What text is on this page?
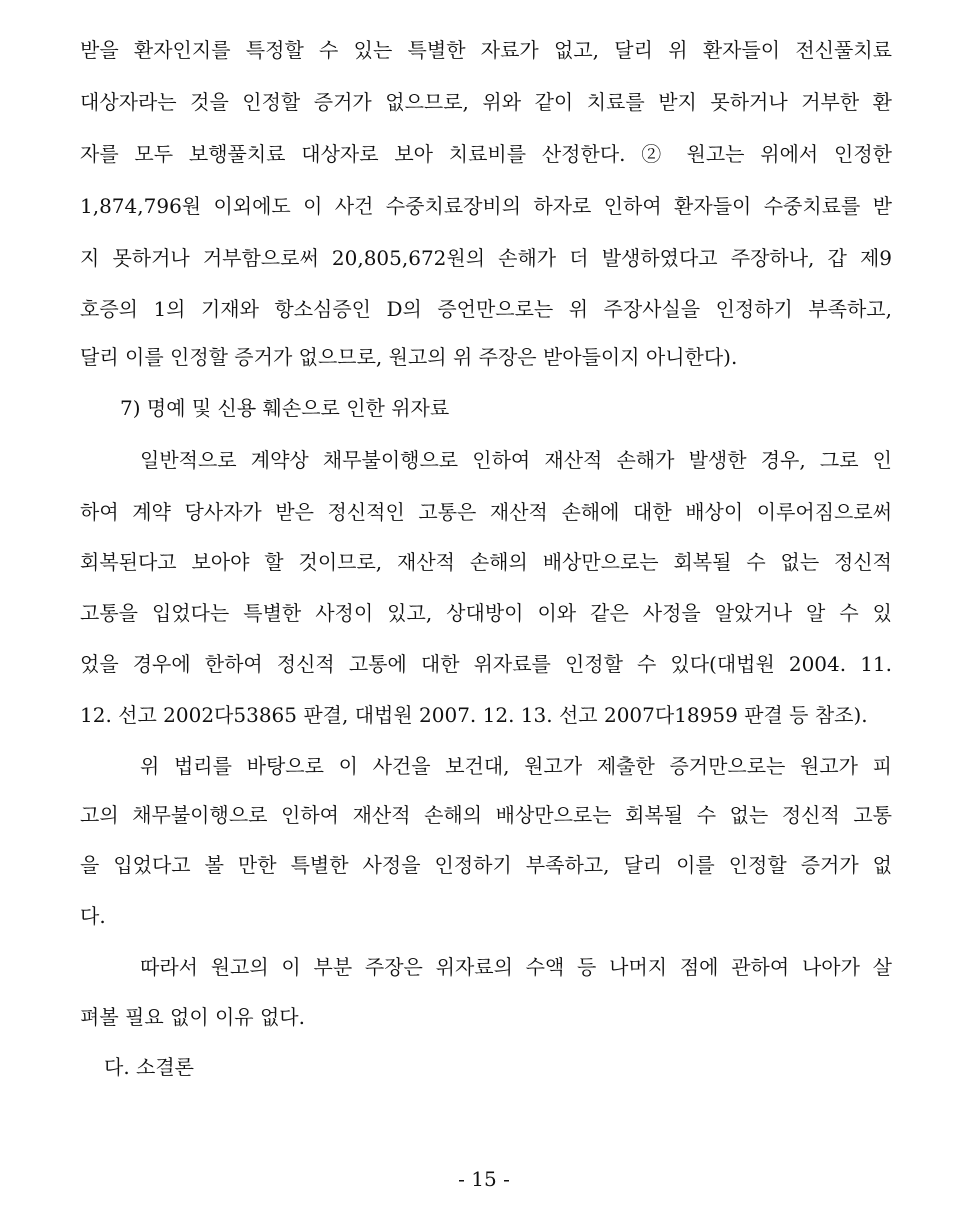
받을 환자인지를 특정할 수 있는 특별한 자료가 없고, 달리 위 환자들이 전신풀치료
대상자라는 것을 인정할 증거가 없으므로, 위와 같이 치료를 받지 못하거나 거부한 환
자를 모두 보행풀치료 대상자로 보아 치료비를 산정한다. ② 원고는 위에서 인정한
1,874,796원 이외에도 이 사건 수중치료장비의 하자로 인하여 환자들이 수중치료를 받
지 못하거나 거부함으로써 20,805,672원의 손해가 더 발생하였다고 주장하나, 갑 제9
호증의 1의 기재와 항소심증인 D의 증언만으로는 위 주장사실을 인정하기 부족하고,
달리 이를 인정할 증거가 없으므로, 원고의 위 주장은 받아들이지 아니한다).
7) 명예 및 신용 훼손으로 인한 위자료
일반적으로 계약상 채무불이행으로 인하여 재산적 손해가 발생한 경우, 그로 인
하여 계약 당사자가 받은 정신적인 고통은 재산적 손해에 대한 배상이 이루어짐으로써
회복된다고 보아야 할 것이므로, 재산적 손해의 배상만으로는 회복될 수 없는 정신적
고통을 입었다는 특별한 사정이 있고, 상대방이 이와 같은 사정을 알았거나 알 수 있
었을 경우에 한하여 정신적 고통에 대한 위자료를 인정할 수 있다(대법원 2004. 11.
12. 선고 2002다53865 판결, 대법원 2007. 12. 13. 선고 2007다18959 판결 등 참조).
위 법리를 바탕으로 이 사건을 보건대, 원고가 제출한 증거만으로는 원고가 피
고의 채무불이행으로 인하여 재산적 손해의 배상만으로는 회복될 수 없는 정신적 고통
을 입었다고 볼 만한 특별한 사정을 인정하기 부족하고, 달리 이를 인정할 증거가 없
다.
따라서 원고의 이 부분 주장은 위자료의 수액 등 나머지 점에 관하여 나아가 살
펴볼 필요 없이 이유 없다.
다. 소결론
- 15 -
